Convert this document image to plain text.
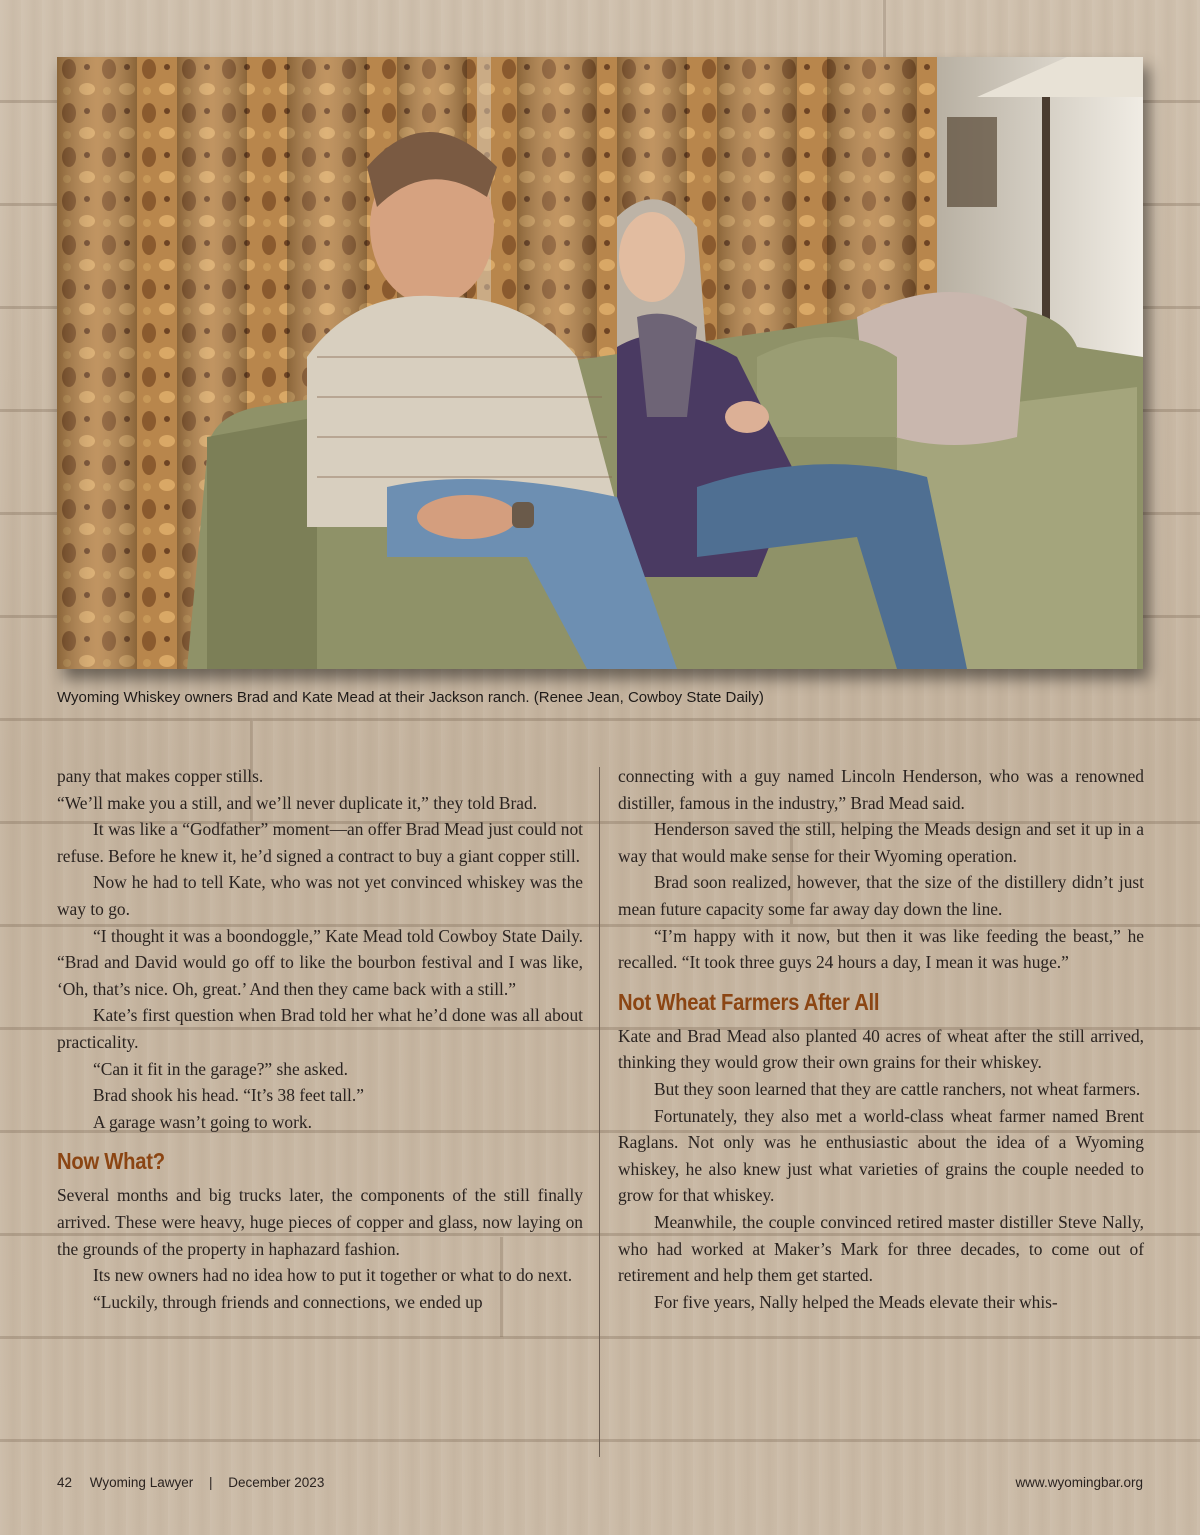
Wyoming Whiskey owners Brad and Kate Mead at their Jackson ranch. (Renee Jean, Cowboy State Daily)

pany that makes copper stills.

“We’ll make you a still, and we’ll never duplicate it,” they told Brad.

It was like a “Godfather” moment—an offer Brad Mead just could not refuse. Before he knew it, he’d signed a contract to buy a giant copper still.

Now he had to tell Kate, who was not yet convinced whiskey was the way to go.

“I thought it was a boondoggle,” Kate Mead told Cowboy State Daily. “Brad and David would go off to like the bourbon festival and I was like, ‘Oh, that’s nice. Oh, great.’ And then they came back with a still.”

Kate’s first question when Brad told her what he’d done was all about practicality.

“Can it fit in the garage?” she asked.

Brad shook his head. “It’s 38 feet tall.”

A garage wasn’t going to work.

Now What?

Several months and big trucks later, the components of the still finally arrived. These were heavy, huge pieces of copper and glass, now laying on the grounds of the property in haphazard fashion.

Its new owners had no idea how to put it together or what to do next.

“Luckily, through friends and connections, we ended up

connecting with a guy named Lincoln Henderson, who was a renowned distiller, famous in the industry,” Brad Mead said.

Henderson saved the still, helping the Meads design and set it up in a way that would make sense for their Wyoming operation.

Brad soon realized, however, that the size of the distillery didn’t just mean future capacity some far away day down the line.

“I’m happy with it now, but then it was like feeding the beast,” he recalled. “It took three guys 24 hours a day, I mean it was huge.”

Not Wheat Farmers After All

Kate and Brad Mead also planted 40 acres of wheat after the still arrived, thinking they would grow their own grains for their whiskey.

But they soon learned that they are cattle ranchers, not wheat farmers.

Fortunately, they also met a world-class wheat farmer named Brent Raglans. Not only was he enthusiastic about the idea of a Wyoming whiskey, he also knew just what varieties of grains the couple needed to grow for that whiskey.

Meanwhile, the couple convinced retired master distiller Steve Nally, who had worked at Maker’s Mark for three decades, to come out of retirement and help them get started.

For five years, Nally helped the Meads elevate their whis-

42 Wyoming Lawyer | December 2023	www.wyomingbar.org
